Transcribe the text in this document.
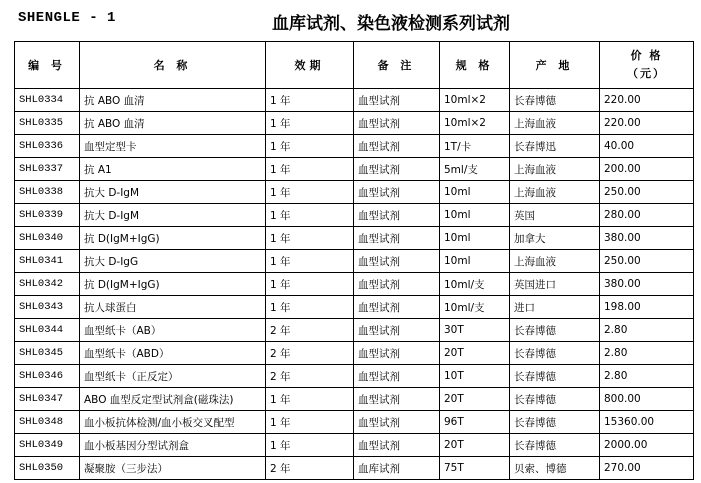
SHENGLE - 1	血库试剂、染色液检测系列试剂
编 号	名 称	效期	备 注	规 格	产 地	价 格
（元）

SHL0334	抗 ABO 血清	1 年	血型试剂	10ml×2	长春博德	220.00
SHL0335	抗 ABO 血清	1 年	血型试剂	10ml×2	上海血液	220.00
SHL0336	血型定型卡	1 年	血型试剂	1T/卡	长春博迅	40.00
SHL0337	抗 A1	1 年	血型试剂	5ml/支	上海血液	200.00
SHL0338	抗大 D-IgM	1 年	血型试剂	10ml	上海血液	250.00
SHL0339	抗大 D-IgM	1 年	血型试剂	10ml	英国	280.00
SHL0340	抗 D(IgM+IgG)	1 年	血型试剂	10ml	加拿大	380.00
SHL0341	抗大 D-IgG	1 年	血型试剂	10ml	上海血液	250.00
SHL0342	抗 D(IgM+IgG)	1 年	血型试剂	10ml/支	英国进口	380.00
SHL0343	抗人球蛋白	1 年	血型试剂	10ml/支	进口	198.00
SHL0344	血型纸卡（AB）	2 年	血型试剂	30T	长春博德	2.80
SHL0345	血型纸卡（ABD）	2 年	血型试剂	20T	长春博德	2.80
SHL0346	血型纸卡（正反定）	2 年	血型试剂	10T	长春博德	2.80
SHL0347	ABO 血型反定型试剂盒(磁珠法)	1 年	血型试剂	20T	长春博德	800.00
SHL0348	血小板抗体检测/血小板交叉配型	1 年	血型试剂	96T	长春博德	15360.00
SHL0349	血小板基因分型试剂盒	1 年	血型试剂	20T	长春博德	2000.00
SHL0350	凝聚胺（三步法）	2 年	血库试剂	75T	贝索、博德	270.00
